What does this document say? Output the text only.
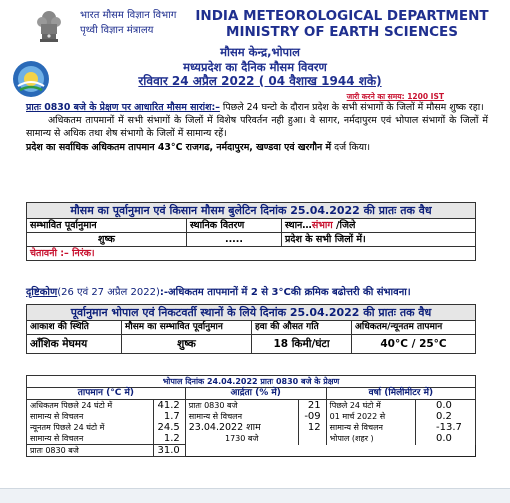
भारत मौसम विज्ञान विभाग
पृथ्वी विज्ञान मंत्रालय
INDIA METEOROLOGICAL DEPARTMENT
MINISTRY OF EARTH SCIENCES
मौसम केन्द्र,भोपाल
मध्यप्रदेश का दैनिक मौसम विवरण
रविवार 24 अप्रैल 2022 ( 04 वैशाख 1944 शके)
जारी करने का समय: 1200 IST

प्रातः 0830 बजे के प्रेक्षण पर आधारित मौसम सारांश:– पिछले 24 घन्टो के दौरान प्रदेश के सभी संभागों के जिलों में मौसम शुष्क रहा।

अधिकतम तापमानों में सभी संभागों के जिलों में विशेष परिवर्तन नही हुआ। वे सागर, नर्मदापुरम एवं भोपाल संभागों के जिलों में सामान्य से अधिक तथा शेष संभागो के जिलों में सामान्य रहें।

प्रदेश का सर्वाधिक अधिकतम तापमान 43°C राजगढ, नर्मदापुरम, खण्डवा एवं खरगौन में दर्ज किया।

मौसम का पूर्वानुमान एवं किसान मौसम बुलेटिन दिनांक 25.04.2022 की प्रातः तक वैध		
सम्भावित पूर्वानुमान	स्थानिक वितरण	स्थान…संभाग /जिले
शुष्क	.....	प्रदेश के सभी जिलों में।
चेतावनी :– निरंक।		
दृष्टिकोण(26 एवं 27 अप्रैल 2022):-अधिकतम तापमानों में 2 से 3°Cकी क्रमिक बढोत्तरी की संभावना।
पूर्वानुमान भोपाल एवं निकटवर्ती स्थानों के लिये दिनांक 25.04.2022 की प्रातः तक वैध			
आकाश की स्थिति	मौसम का सम्भावित पूर्वानुमान	हवा की औसत गति	अधिकतम/न्यूनतम तापमान
आँशिक मेघमय	शुष्क	18 किमी/घंटा	40°C / 25°C
भोपाल दिनांक 24.04.2022 प्रातः 0830 बजे के प्रेक्षण					
तापमान (°C में)		आर्द्रता (% में)		वर्षा (मिलीमीटर में)	
अधिकतम पिछले 24 घंटो में	41.2	प्रातः 0830 बजे	21	पिछले 24 घंटो में	0.0
सामान्य से विचलन	1.7	सामान्य से विचलन	-09	01 मार्च 2022 से	0.2
न्यूनतम पिछले 24 घंटो में	24.5	23.04.2022 शाम	12	सामान्य से विचलन	-13.7
सामान्य से विचलन	1.2	1730 बजे		भोपाल (शहर )	0.0
प्रातः 0830 बजे	31.0				
